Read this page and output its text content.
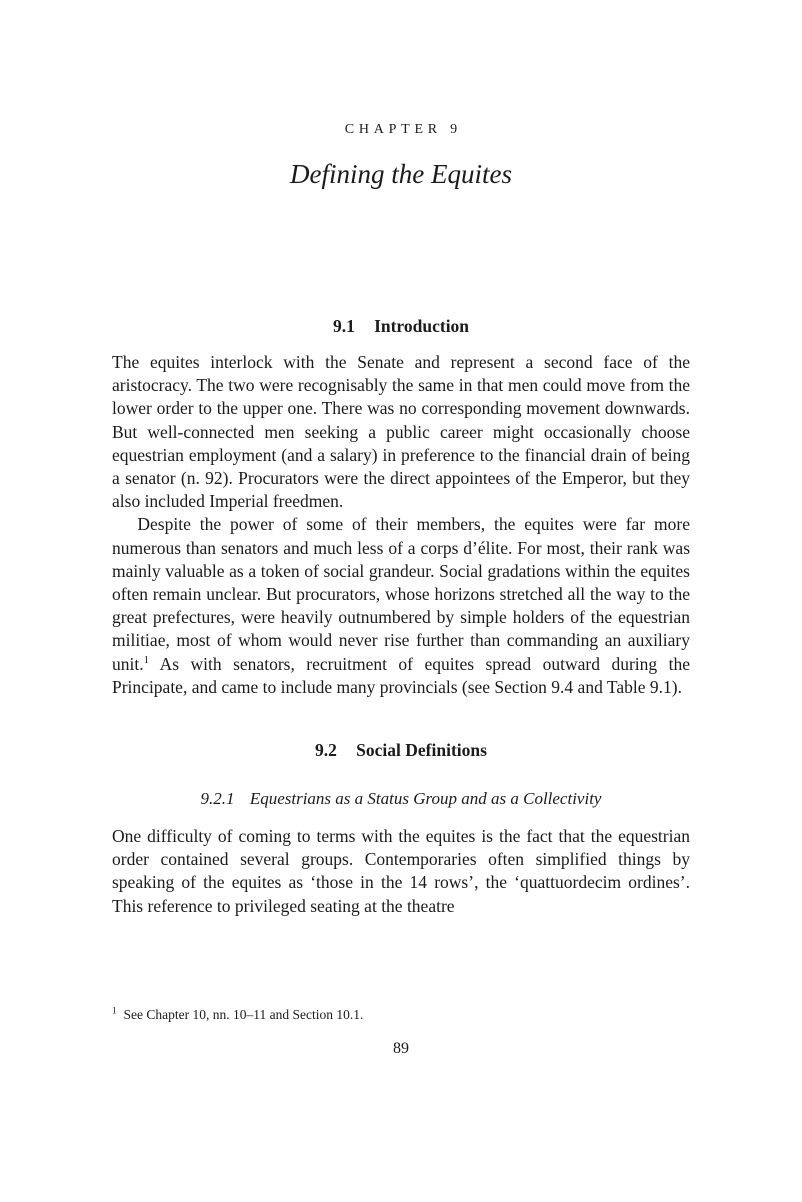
CHAPTER 9
Defining the Equites
9.1 Introduction

The equites interlock with the Senate and represent a second face of the aristocracy. The two were recognisably the same in that men could move from the lower order to the upper one. There was no corresponding movement downwards. But well-connected men seeking a public career might occasionally choose equestrian employment (and a salary) in preference to the financial drain of being a senator (n. 92). Procurators were the direct appointees of the Emperor, but they also included Imperial freedmen.

Despite the power of some of their members, the equites were far more numerous than senators and much less of a corps d’élite. For most, their rank was mainly valuable as a token of social grandeur. Social gradations within the equites often remain unclear. But procurators, whose horizons stretched all the way to the great prefectures, were heavily outnumbered by simple holders of the equestrian militiae, most of whom would never rise further than commanding an auxiliary unit.$^1$ As with senators, recruitment of equites spread outward during the Principate, and came to include many provincials (see Section 9.4 and Table 9.1).

9.2 Social Definitions
9.2.1 Equestrians as a Status Group and as a Collectivity

One difficulty of coming to terms with the equites is the fact that the equestrian order contained several groups. Contemporaries often simplified things by speaking of the equites as ‘those in the 14 rows’, the ‘quattuordecim ordines’. This reference to privileged seating at the theatre

$^1$ See Chapter 10, nn. 10–11 and Section 10.1.
89
